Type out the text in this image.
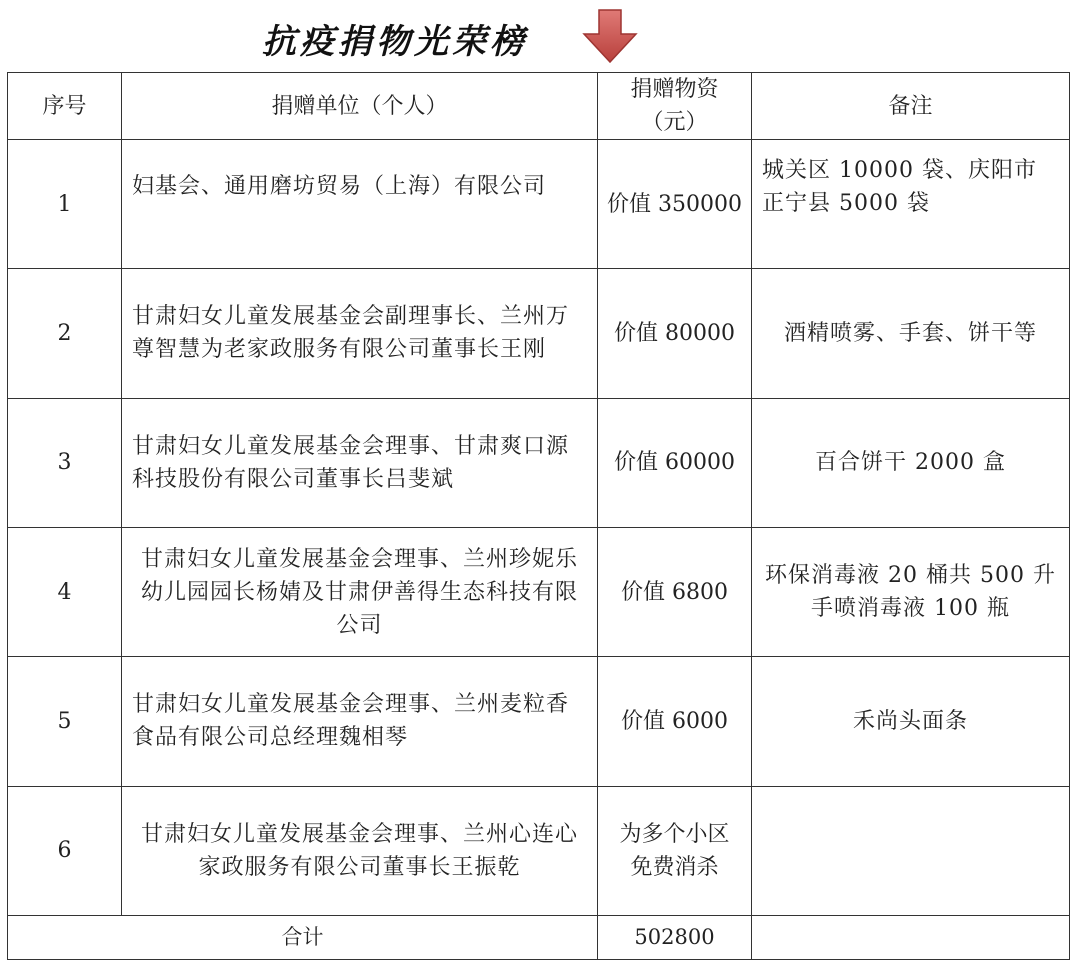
抗疫捐物光荣榜
序号	捐赠单位（个人）	捐赠物资（元）	备注
1	妇基会、通用磨坊贸易（上海）有限公司	价值 350000	城关区 10000 袋、庆阳市正宁县 5000 袋
2	甘肃妇女儿童发展基金会副理事长、兰州万尊智慧为老家政服务有限公司董事长王刚	价值 80000	酒精喷雾、手套、饼干等
3	甘肃妇女儿童发展基金会理事、甘肃爽口源科技股份有限公司董事长吕斐斌	价值 60000	百合饼干 2000 盒
4	甘肃妇女儿童发展基金会理事、兰州珍妮乐幼儿园园长杨婧及甘肃伊善得生态科技有限公司	价值 6800	环保消毒液 20 桶共 500 升手喷消毒液 100 瓶
5	甘肃妇女儿童发展基金会理事、兰州麦粒香食品有限公司总经理魏相琴	价值 6000	禾尚头面条
6	甘肃妇女儿童发展基金会理事、兰州心连心家政服务有限公司董事长王振乾	为多个小区免费消杀	
合计		502800	
